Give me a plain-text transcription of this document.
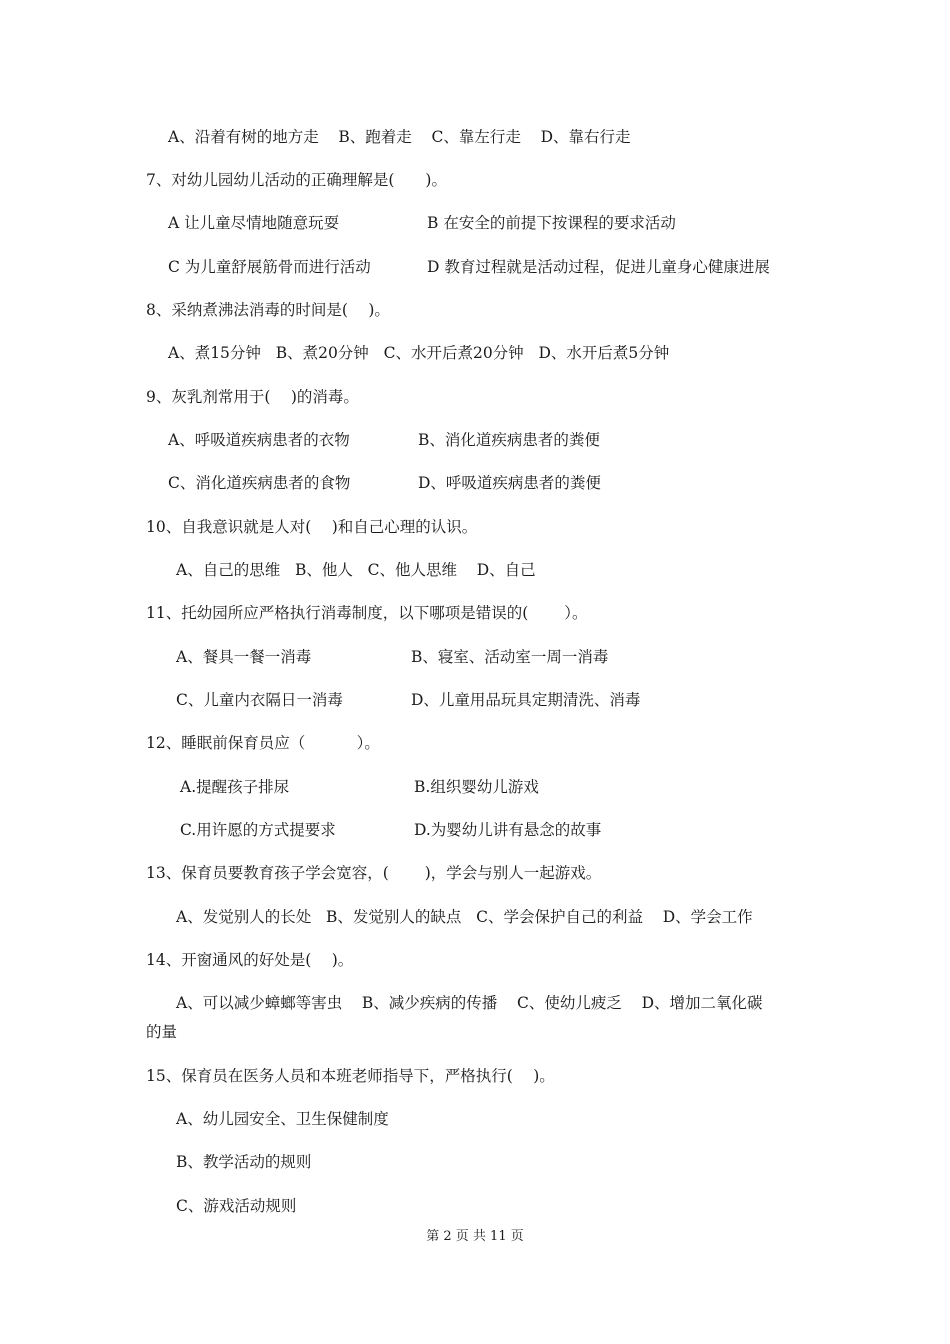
A、沿着有树的地方走    B、跑着走    C、靠左行走    D、靠右行走
7、对幼儿园幼儿活动的正确理解是(　　)。
A 让儿童尽情地随意玩耍	B 在安全的前提下按课程的要求活动
C 为儿童舒展筋骨而进行活动	D 教育过程就是活动过程，促进儿童身心健康进展
8、采纳煮沸法消毒的时间是(　 )。
A、煮15分钟   B、煮20分钟   C、水开后煮20分钟   D、水开后煮5分钟
9、灰乳剂常用于(　 )的消毒。
A、呼吸道疾病患者的衣物	B、消化道疾病患者的粪便
C、消化道疾病患者的食物	D、呼吸道疾病患者的粪便
10、自我意识就是人对(　 )和自己心理的认识。
A、自己的思维   B、他人   C、他人思维    D、自己
11、托幼园所应严格执行消毒制度，以下哪项是错误的(　　 ）。
A、餐具一餐一消毒	B、寝室、活动室一周一消毒
C、儿童内衣隔日一消毒	D、儿童用品玩具定期清洗、消毒
12、睡眠前保育员应（　　　 ）。
A.提醒孩子排尿	B.组织婴幼儿游戏
C.用许愿的方式提要求	D.为婴幼儿讲有悬念的故事
13、保育员要教育孩子学会宽容，(　　 )，学会与别人一起游戏。
A、发觉别人的长处   B、发觉别人的缺点   C、学会保护自己的利益    D、学会工作
14、开窗通风的好处是(　 )。
A、可以减少蟑螂等害虫    B、减少疾病的传播    C、使幼儿疲乏    D、增加二氧化碳
的量
15、保育员在医务人员和本班老师指导下，严格执行(　 )。
A、幼儿园安全、卫生保健制度
B、教学活动的规则
C、游戏活动规则
第 2 页 共 11 页
